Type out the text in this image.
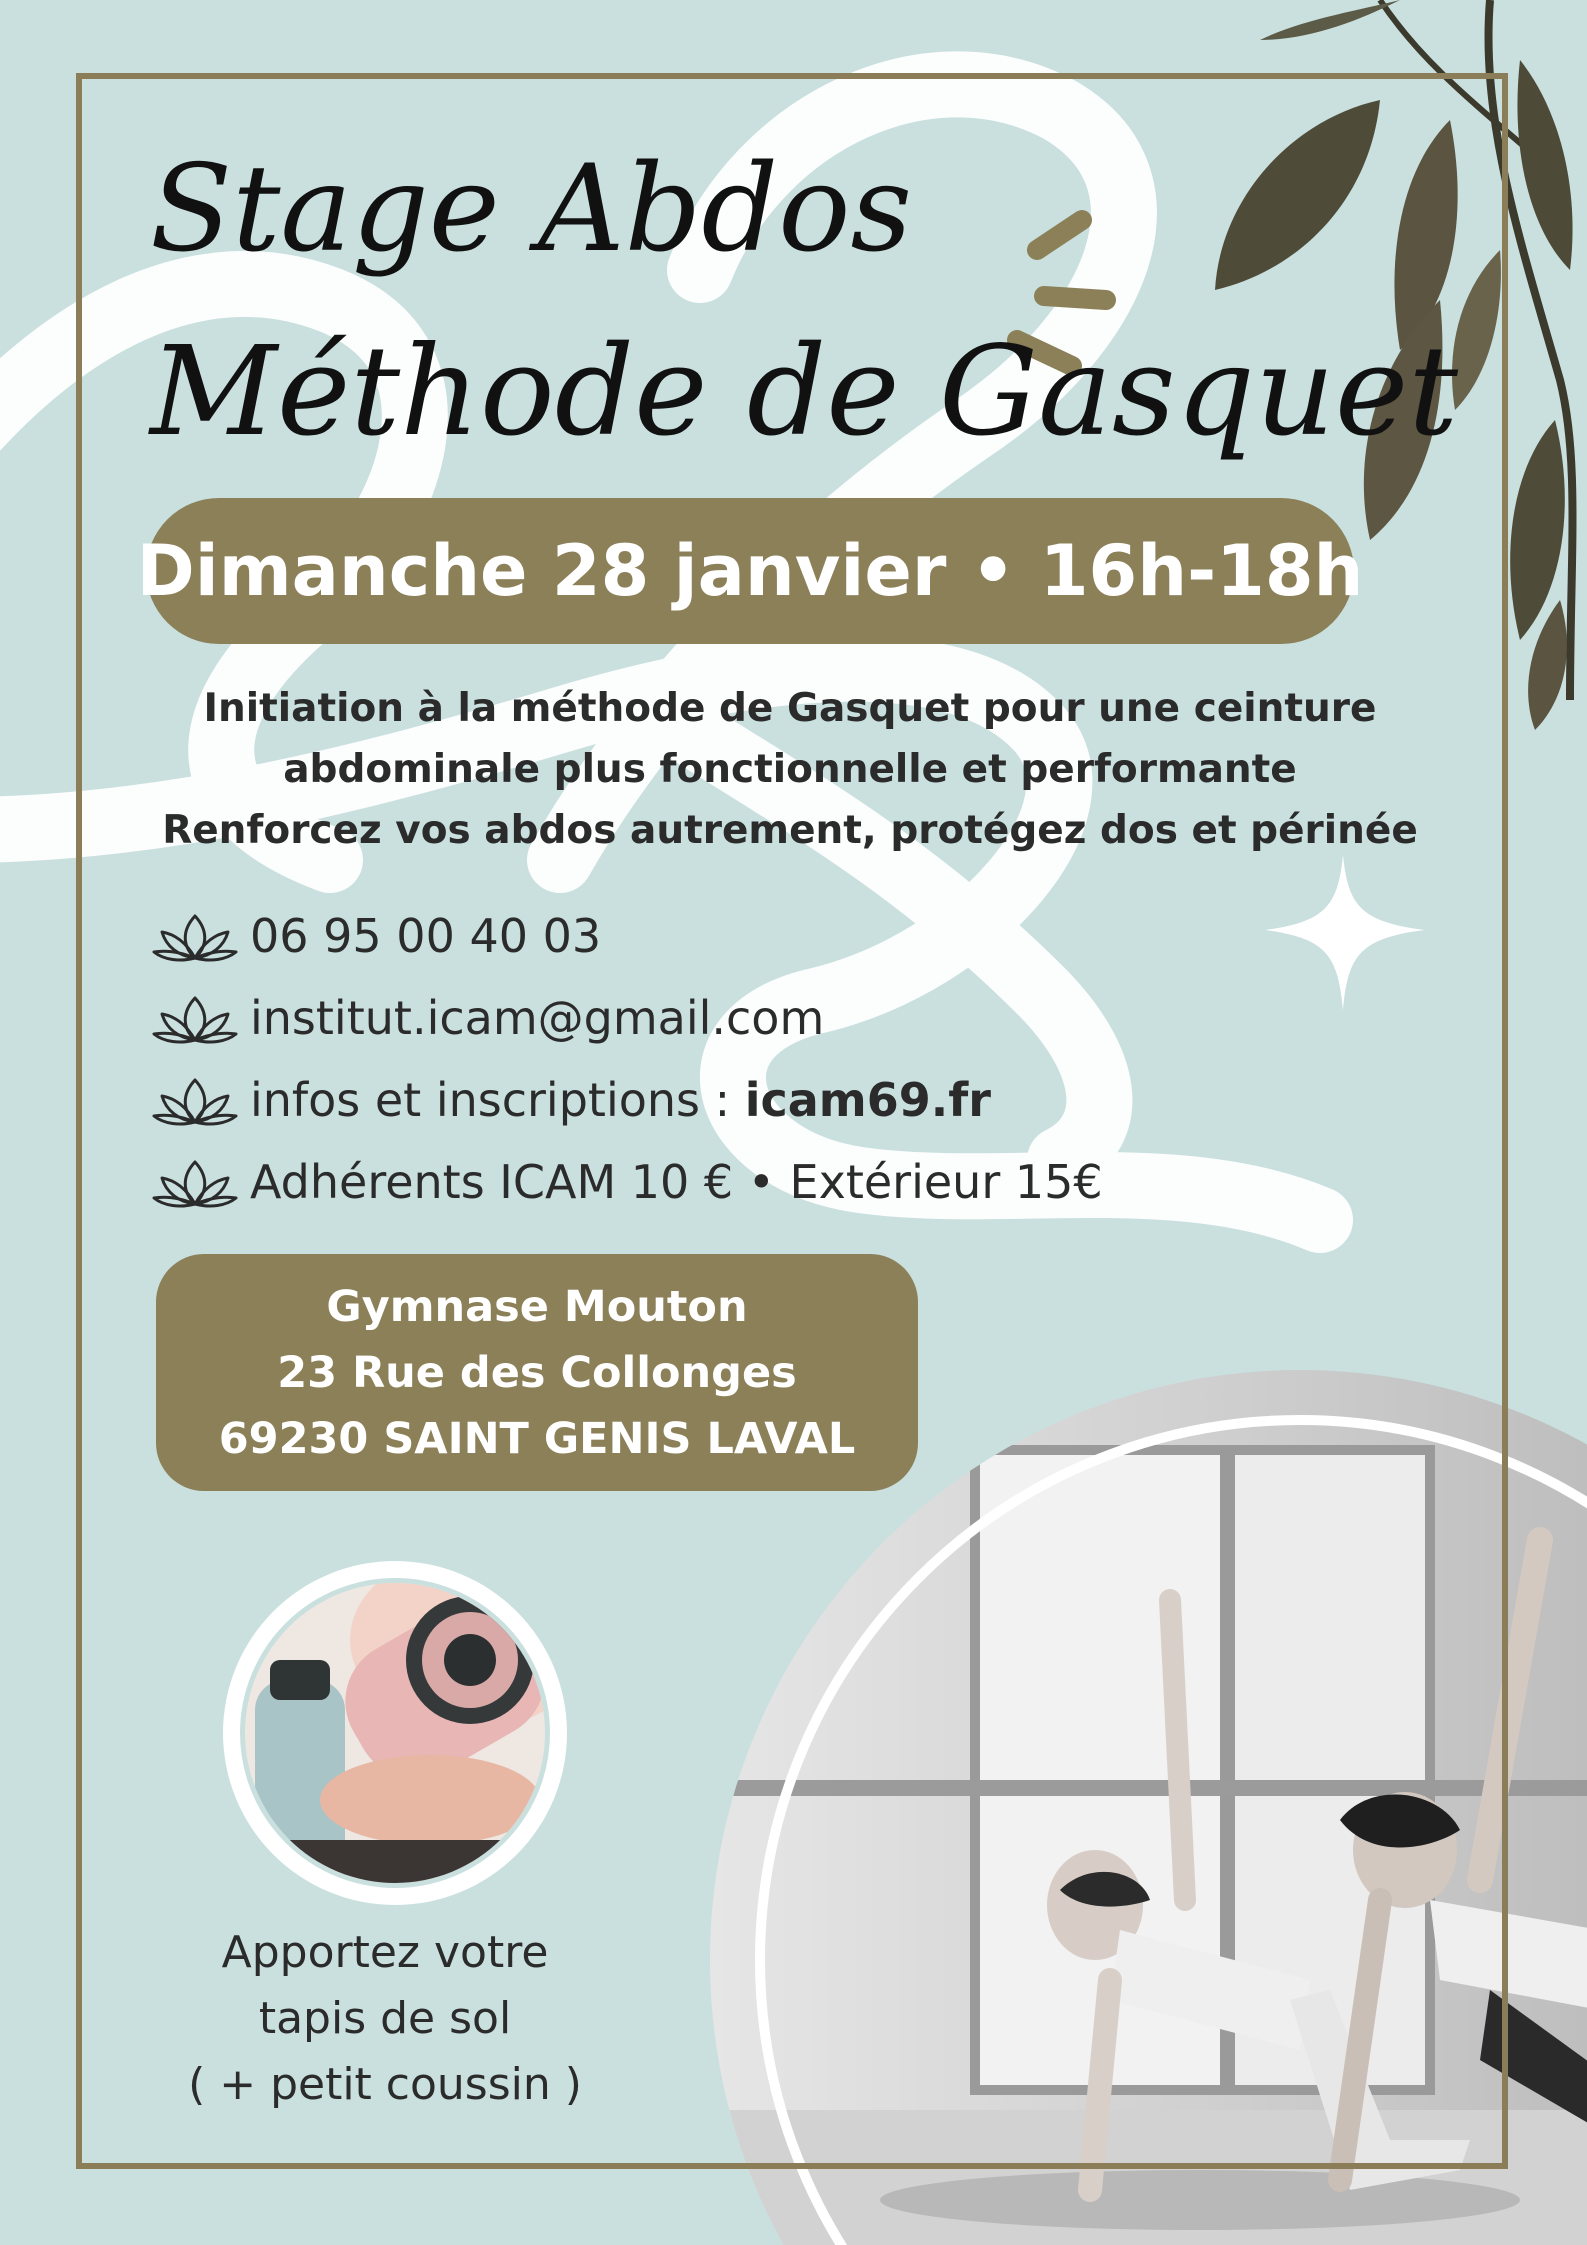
Stage Abdos
Méthode de Gasquet
Dimanche 28 janvier • 16h-18h
Initiation à la méthode de Gasquet pour une ceinture
abdominale plus fonctionnelle et performante
Renforcez vos abdos autrement, protégez dos et périnée
06 95 00 40 03
institut.icam@gmail.com
infos et inscriptions : icam69.fr
Adhérents ICAM 10 € • Extérieur 15€
Gymnase Mouton
23 Rue des Collonges
69230 SAINT GENIS LAVAL
Apportez votre
tapis de sol
( + petit coussin )
